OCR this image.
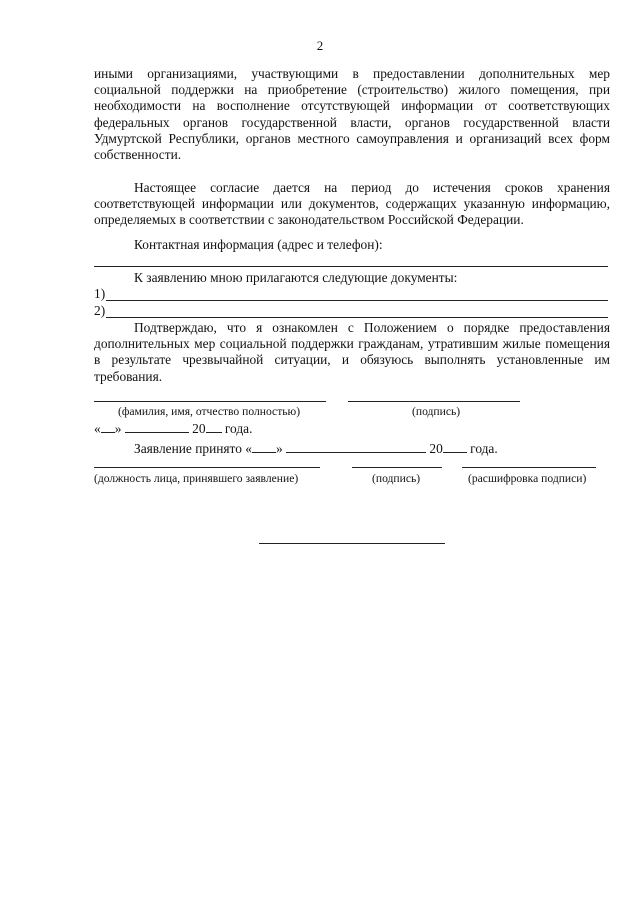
2

иными организациями, участвующими в предоставлении дополнительных мер социальной поддержки на приобретение (строительство) жилого помещения, при необходимости на восполнение отсутствующей информации от соответствующих федеральных органов государственной власти, органов государственной власти Удмуртской Республики, органов местного самоуправления и организаций всех форм собственности.

Настоящее согласие дается на период до истечения сроков хранения соответствующей информации или документов, содержащих указанную информацию, определяемых в соответствии с законодательством Российской Федерации.

Контактная информация (адрес и телефон):
К заявлению мною прилагаются следующие документы:
1)
2)

Подтверждаю, что я ознакомлен с Положением о порядке предоставления дополнительных мер социальной поддержки гражданам, утратившим жилые помещения в результате чрезвычайной ситуации, и обязуюсь выполнять установленные им требования.

(фамилия, имя, отчество полностью)	(подпись)
« »	20 года.
Заявление принято « »	20 года.
(должность лица, принявшего заявление)	(подпись)	(расшифровка подписи)
